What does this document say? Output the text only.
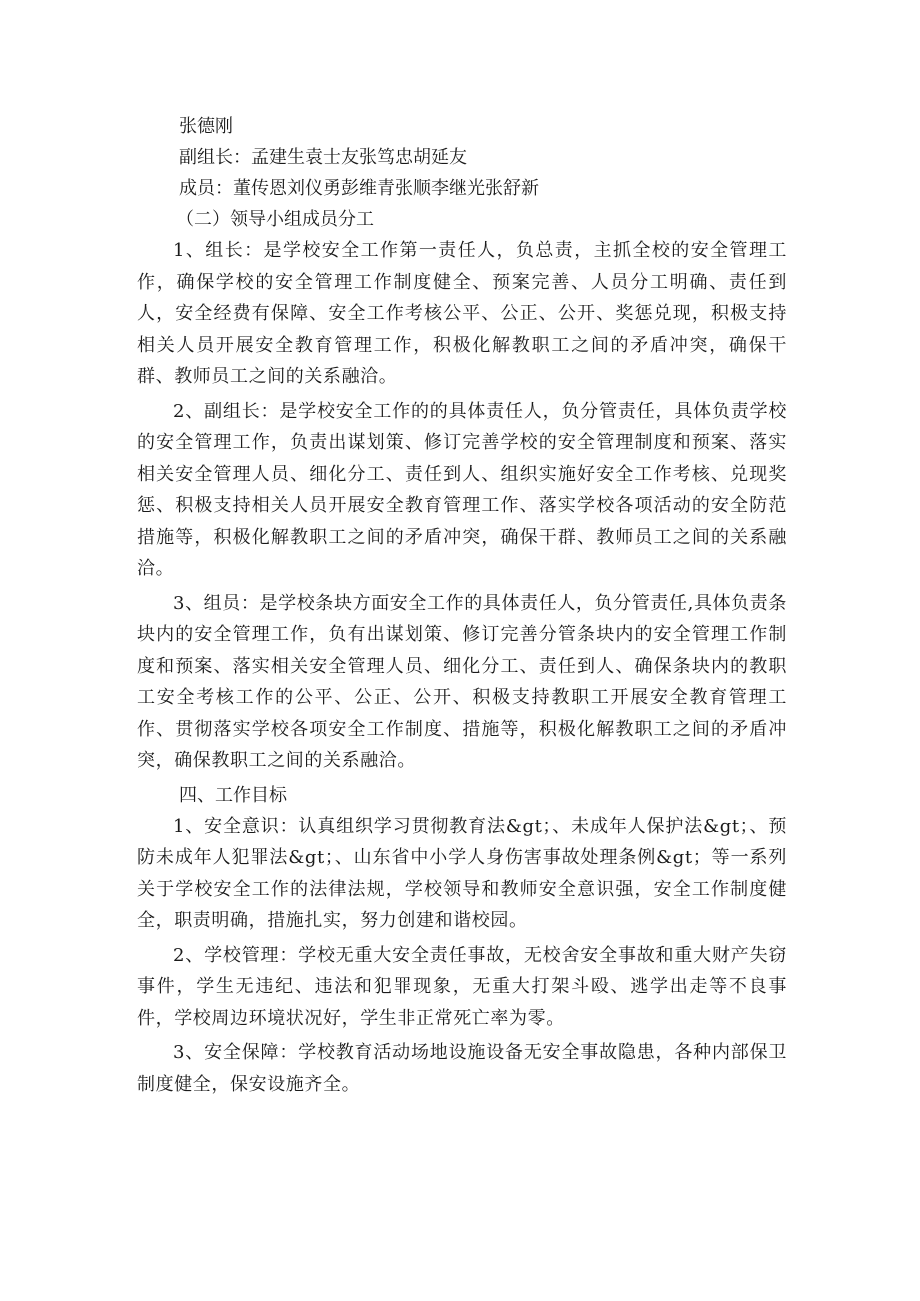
张德刚

副组长：孟建生袁士友张笃忠胡延友

成员：董传恩刘仪勇彭维青张顺李继光张舒新

（二）领导小组成员分工

1、组长：是学校安全工作第一责任人，负总责，主抓全校的安全管理工作，确保学校的安全管理工作制度健全、预案完善、人员分工明确、责任到人，安全经费有保障、安全工作考核公平、公正、公开、奖惩兑现，积极支持相关人员开展安全教育管理工作，积极化解教职工之间的矛盾冲突，确保干群、教师员工之间的关系融洽。

2、副组长：是学校安全工作的的具体责任人，负分管责任，具体负责学校的安全管理工作，负责出谋划策、修订完善学校的安全管理制度和预案、落实相关安全管理人员、细化分工、责任到人、组织实施好安全工作考核、兑现奖惩、积极支持相关人员开展安全教育管理工作、落实学校各项活动的安全防范措施等，积极化解教职工之间的矛盾冲突，确保干群、教师员工之间的关系融洽。

3、组员：是学校条块方面安全工作的具体责任人，负分管责任,具体负责条块内的安全管理工作，负有出谋划策、修订完善分管条块内的安全管理工作制度和预案、落实相关安全管理人员、细化分工、责任到人、确保条块内的教职工安全考核工作的公平、公正、公开、积极支持教职工开展安全教育管理工作、贯彻落实学校各项安全工作制度、措施等，积极化解教职工之间的矛盾冲突，确保教职工之间的关系融洽。

四、工作目标

1、安全意识：认真组织学习贯彻教育法&gt；、未成年人保护法&gt；、预防未成年人犯罪法&gt；、山东省中小学人身伤害事故处理条例&gt；等一系列关于学校安全工作的法律法规，学校领导和教师安全意识强，安全工作制度健全，职责明确，措施扎实，努力创建和谐校园。

2、学校管理：学校无重大安全责任事故，无校舍安全事故和重大财产失窃事件，学生无违纪、违法和犯罪现象，无重大打架斗殴、逃学出走等不良事件，学校周边环境状况好，学生非正常死亡率为零。

3、安全保障：学校教育活动场地设施设备无安全事故隐患，各种内部保卫制度健全，保安设施齐全。
